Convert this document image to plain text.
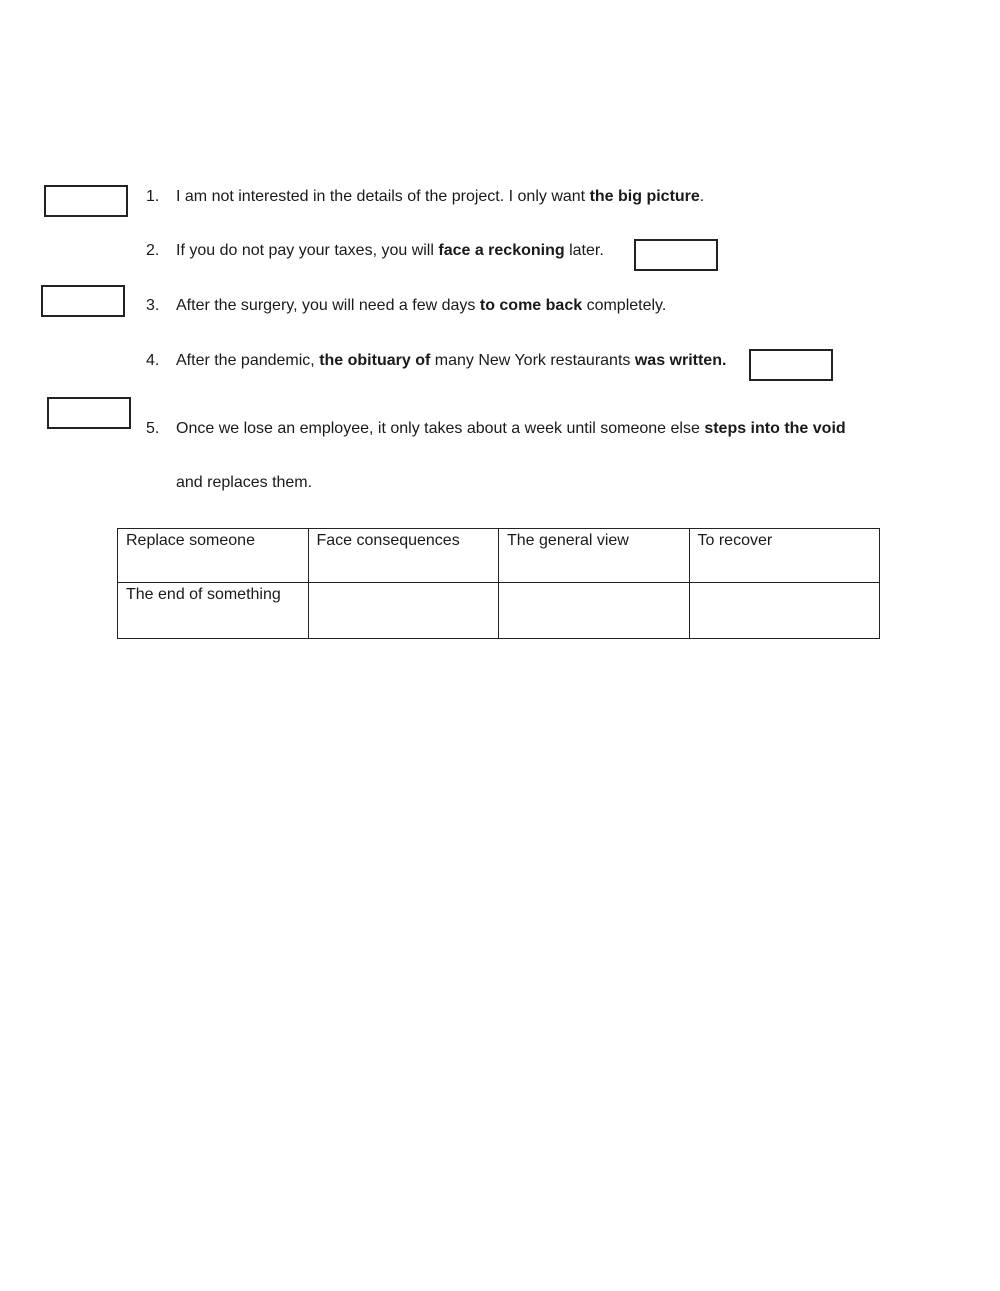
1. I am not interested in the details of the project. I only want the big picture.
2. If you do not pay your taxes, you will face a reckoning later.
3. After the surgery, you will need a few days to come back completely.
4. After the pandemic, the obituary of many New York restaurants was written.
5. Once we lose an employee, it only takes about a week until someone else steps into the void
and replaces them.
Replace someone	Face consequences	The general view	To recover
The end of something			
